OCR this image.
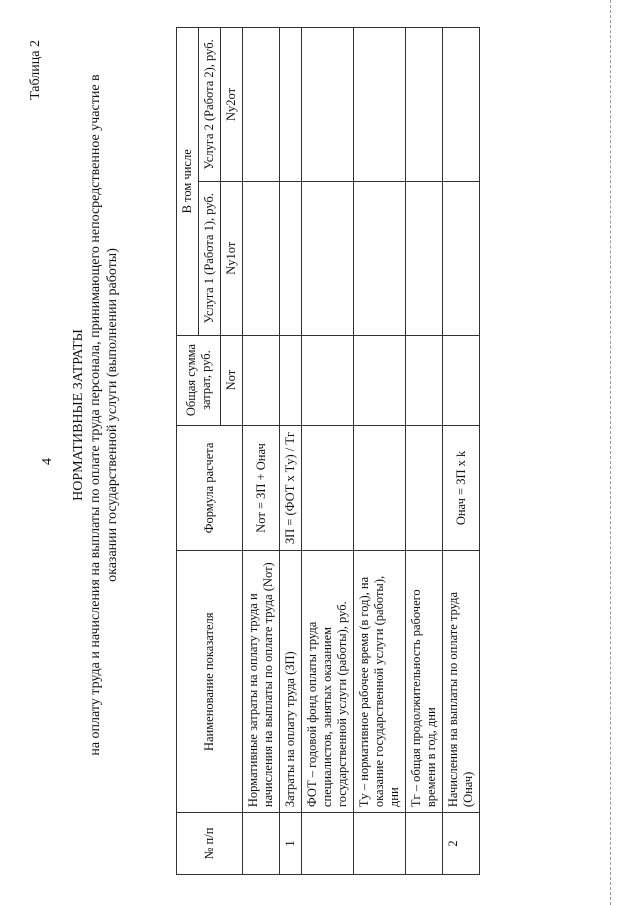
4
Таблица 2
НОРМАТИВНЫЕ ЗАТРАТЫ на оплату труда и начисления на выплаты по оплате труда персонала, принимающего непосредственное участие в оказании государственной услуги (выполнении работы)
№ п/п	Наименование показателя	Формула расчета	Общая сумма затрат, руб.	В том числе	
				Услуга 1 (Работа 1), руб.	Услуга 2 (Работа 2), руб.
			Nот	Nу1от	Nу2от
	Нормативные затраты на оплату труда и начисления на выплаты по оплате труда (Nот)	Nот = ЗП + Oнач			
1	Затраты на оплату труда (ЗП)	ЗП = (ФОТ x Tу) / Tг			
	ФОТ – годовой фонд оплаты труда специалистов, занятых оказанием государственной услуги (работы), руб.				
	Tу – нормативное рабочее время (в год), на оказание государственной услуги (работы), дни				
	Tг – общая продолжительность рабочего времени в год, дни				
2	Начисления на выплаты по оплате труда (Oнач)	Oнач = ЗП x k			
